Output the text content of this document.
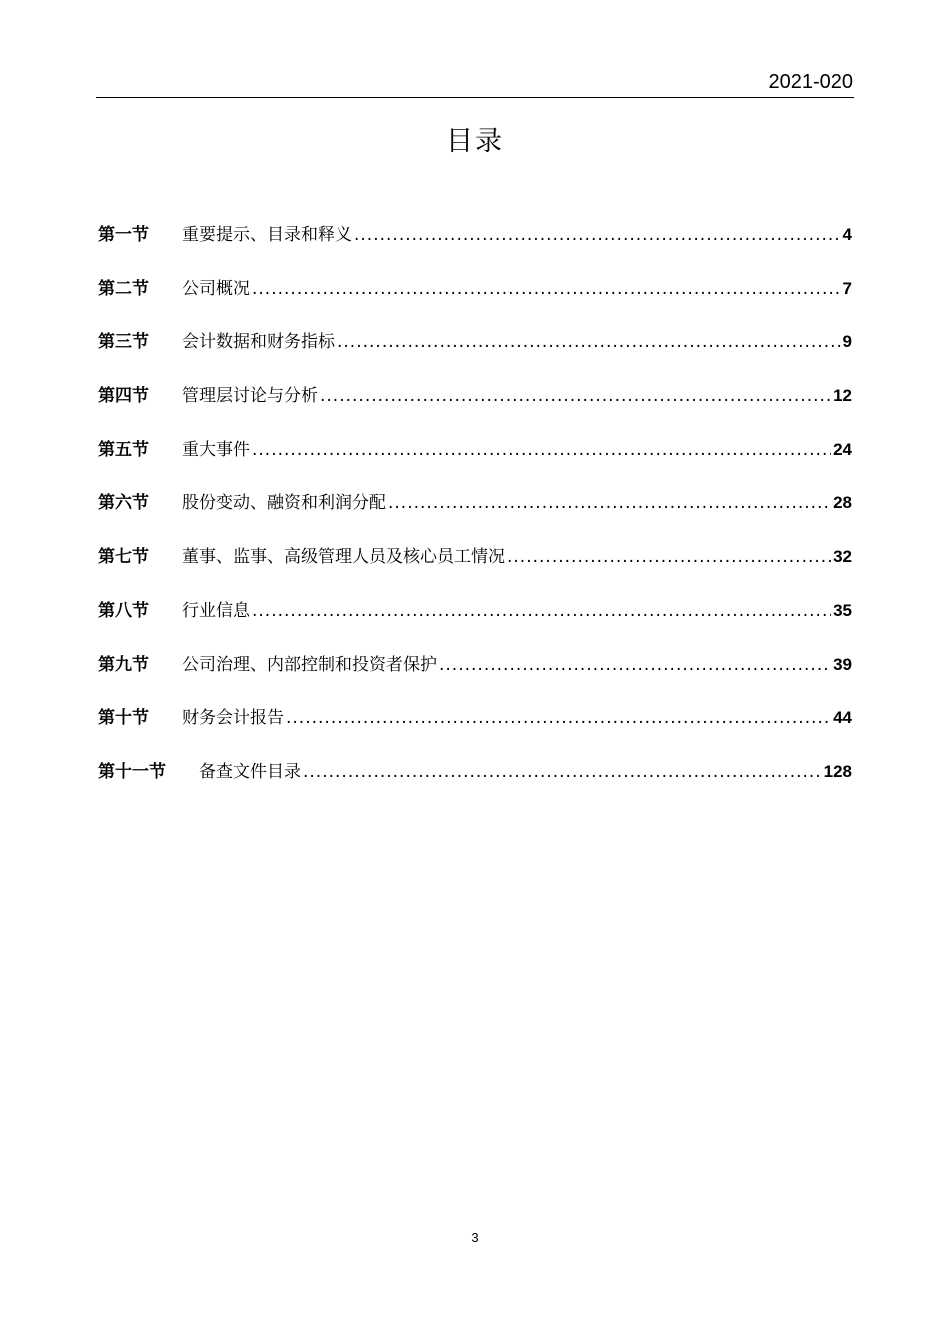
2021-020
目录
第一节	重要提示、目录和释义 .....	4
第二节	公司概况 .....	7
第三节	会计数据和财务指标 .....	9
第四节	管理层讨论与分析 .....	12
第五节	重大事件 .....	24
第六节	股份变动、融资和利润分配 .....	28
第七节	董事、监事、高级管理人员及核心员工情况 .....	32
第八节	行业信息 .....	35
第九节	公司治理、内部控制和投资者保护 .....	39
第十节	财务会计报告 .....	44
第十一节	备查文件目录 .....	128
3
